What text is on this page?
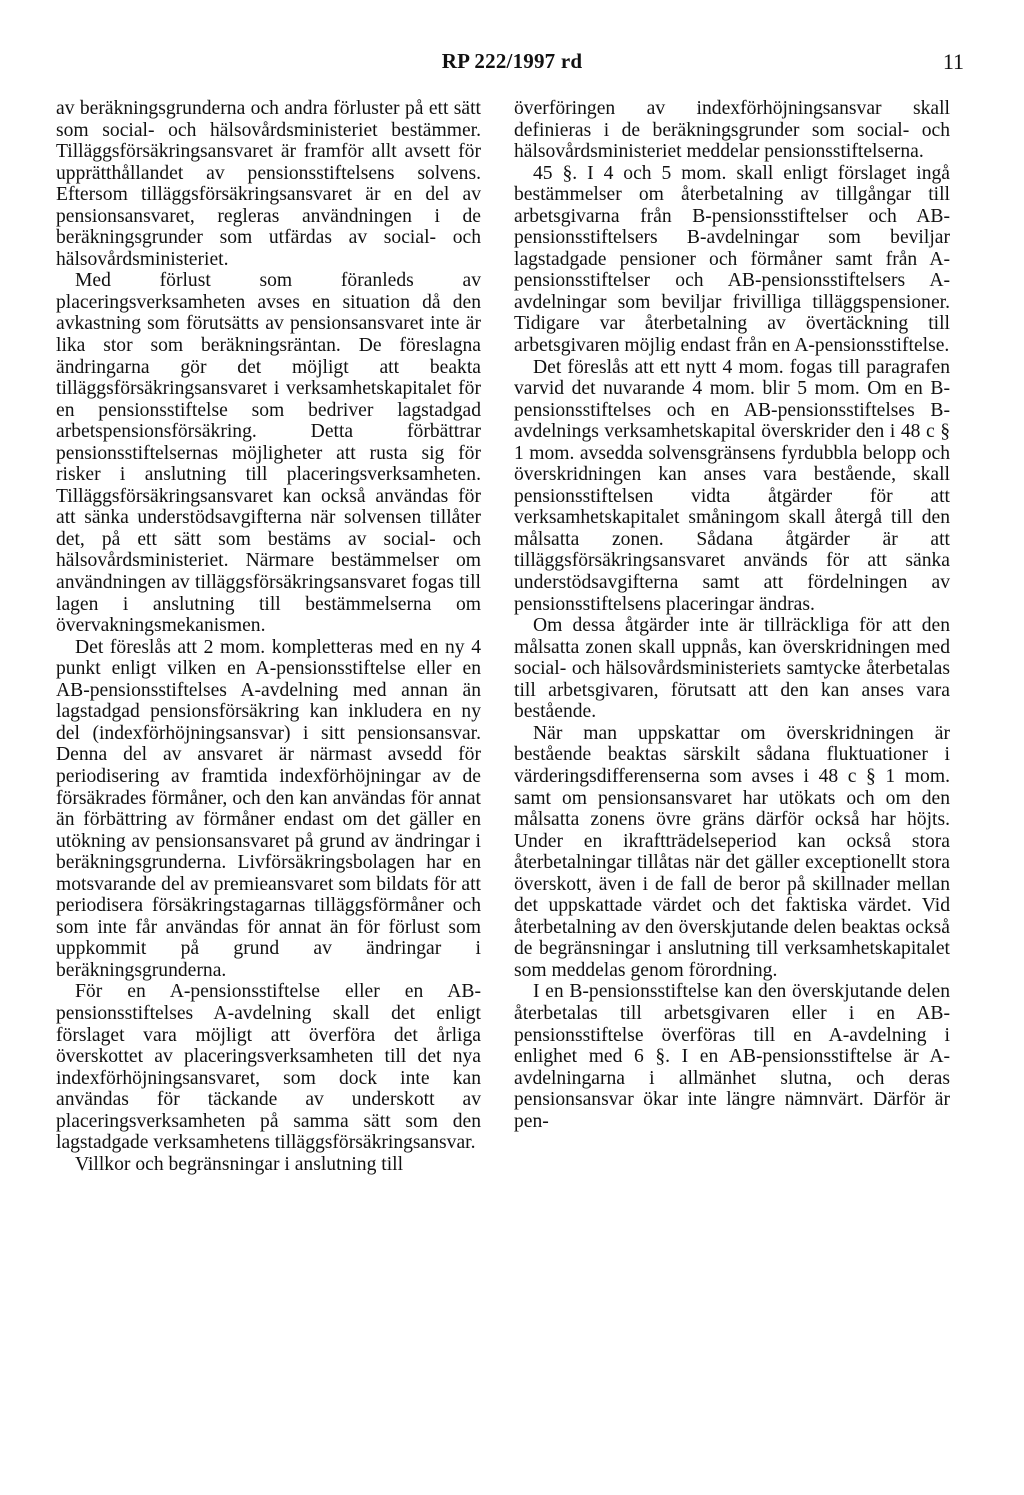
RP 222/1997 rd	11

av beräkningsgrunderna och andra förluster på ett sätt som social- och hälsovårdsministeriet bestämmer. Tilläggsförsäkringsansvaret är framför allt avsett för upprätthållandet av pensionsstiftelsens solvens. Eftersom tilläggsförsäkringsansvaret är en del av pensionsansvaret, regleras användningen i de beräkningsgrunder som utfärdas av social- och hälsovårdsministeriet.

Med förlust som föranleds av placeringsverksamheten avses en situation då den avkastning som förutsätts av pensionsansvaret inte är lika stor som beräkningsräntan. De föreslagna ändringarna gör det möjligt att beakta tilläggsförsäkringsansvaret i verksamhetskapitalet för en pensionsstiftelse som bedriver lagstadgad arbetspensionsförsäkring. Detta förbättrar pensionsstiftelsernas möjligheter att rusta sig för risker i anslutning till placeringsverksamheten. Tilläggsförsäkringsansvaret kan också användas för att sänka understödsavgifterna när solvensen tillåter det, på ett sätt som bestäms av social- och hälsovårdsministeriet. Närmare bestämmelser om användningen av tilläggsförsäkringsansvaret fogas till lagen i anslutning till bestämmelserna om övervakningsmekanismen.

Det föreslås att 2 mom. kompletteras med en ny 4 punkt enligt vilken en A-pensionsstiftelse eller en AB-pensionsstiftelses A-avdelning med annan än lagstadgad pensionsförsäkring kan inkludera en ny del (indexförhöjningsansvar) i sitt pensionsansvar. Denna del av ansvaret är närmast avsedd för periodisering av framtida indexförhöjningar av de försäkrades förmåner, och den kan användas för annat än förbättring av förmåner endast om det gäller en utökning av pensionsansvaret på grund av ändringar i beräkningsgrunderna. Livförsäkringsbolagen har en motsvarande del av premieansvaret som bildats för att periodisera försäkringstagarnas tilläggsförmåner och som inte får användas för annat än för förlust som uppkommit på grund av ändringar i beräkningsgrunderna.

För en A-pensionsstiftelse eller en AB-pensionsstiftelses A-avdelning skall det enligt förslaget vara möjligt att överföra det årliga överskottet av placeringsverksamheten till det nya indexförhöjningsansvaret, som dock inte kan användas för täckande av underskott av placeringsverksamheten på samma sätt som den lagstadgade verksamhetens tilläggsförsäkringsansvar.

Villkor och begränsningar i anslutning till

överföringen av indexförhöjningsansvar skall definieras i de beräkningsgrunder som social- och hälsovårdsministeriet meddelar pensionsstiftelserna.

45 §. I 4 och 5 mom. skall enligt förslaget ingå bestämmelser om återbetalning av tillgångar till arbetsgivarna från B-pensionsstiftelser och AB-pensionsstiftelsers B-avdelningar som beviljar lagstadgade pensioner och förmåner samt från A-pensionsstiftelser och AB-pensionsstiftelsers A-avdelningar som beviljar frivilliga tilläggspensioner. Tidigare var återbetalning av övertäckning till arbetsgivaren möjlig endast från en A-pensionsstiftelse.

Det föreslås att ett nytt 4 mom. fogas till paragrafen varvid det nuvarande 4 mom. blir 5 mom. Om en B-pensionsstiftelses och en AB-pensionsstiftelses B-avdelnings verksamhetskapital överskrider den i 48 c § 1 mom. avsedda solvensgränsens fyrdubbla belopp och överskridningen kan anses vara bestående, skall pensionsstiftelsen vidta åtgärder för att verksamhetskapitalet småningom skall återgå till den målsatta zonen. Sådana åtgärder är att tilläggsförsäkringsansvaret används för att sänka understödsavgifterna samt att fördelningen av pensionsstiftelsens placeringar ändras.

Om dessa åtgärder inte är tillräckliga för att den målsatta zonen skall uppnås, kan överskridningen med social- och hälsovårdsministeriets samtycke återbetalas till arbetsgivaren, förutsatt att den kan anses vara bestående.

När man uppskattar om överskridningen är bestående beaktas särskilt sådana fluktuationer i värderingsdifferenserna som avses i 48 c § 1 mom. samt om pensionsansvaret har utökats och om den målsatta zonens övre gräns därför också har höjts. Under en ikraftträdelseperiod kan också stora återbetalningar tillåtas när det gäller exceptionellt stora överskott, även i de fall de beror på skillnader mellan det uppskattade värdet och det faktiska värdet. Vid återbetalning av den överskjutande delen beaktas också de begränsningar i anslutning till verksamhetskapitalet som meddelas genom förordning.

I en B-pensionsstiftelse kan den överskjutande delen återbetalas till arbetsgivaren eller i en AB-pensionsstiftelse överföras till en A-avdelning i enlighet med 6 §. I en AB-pensionsstiftelse är A-avdelningarna i allmänhet slutna, och deras pensionsansvar ökar inte längre nämnvärt. Därför är pen-
